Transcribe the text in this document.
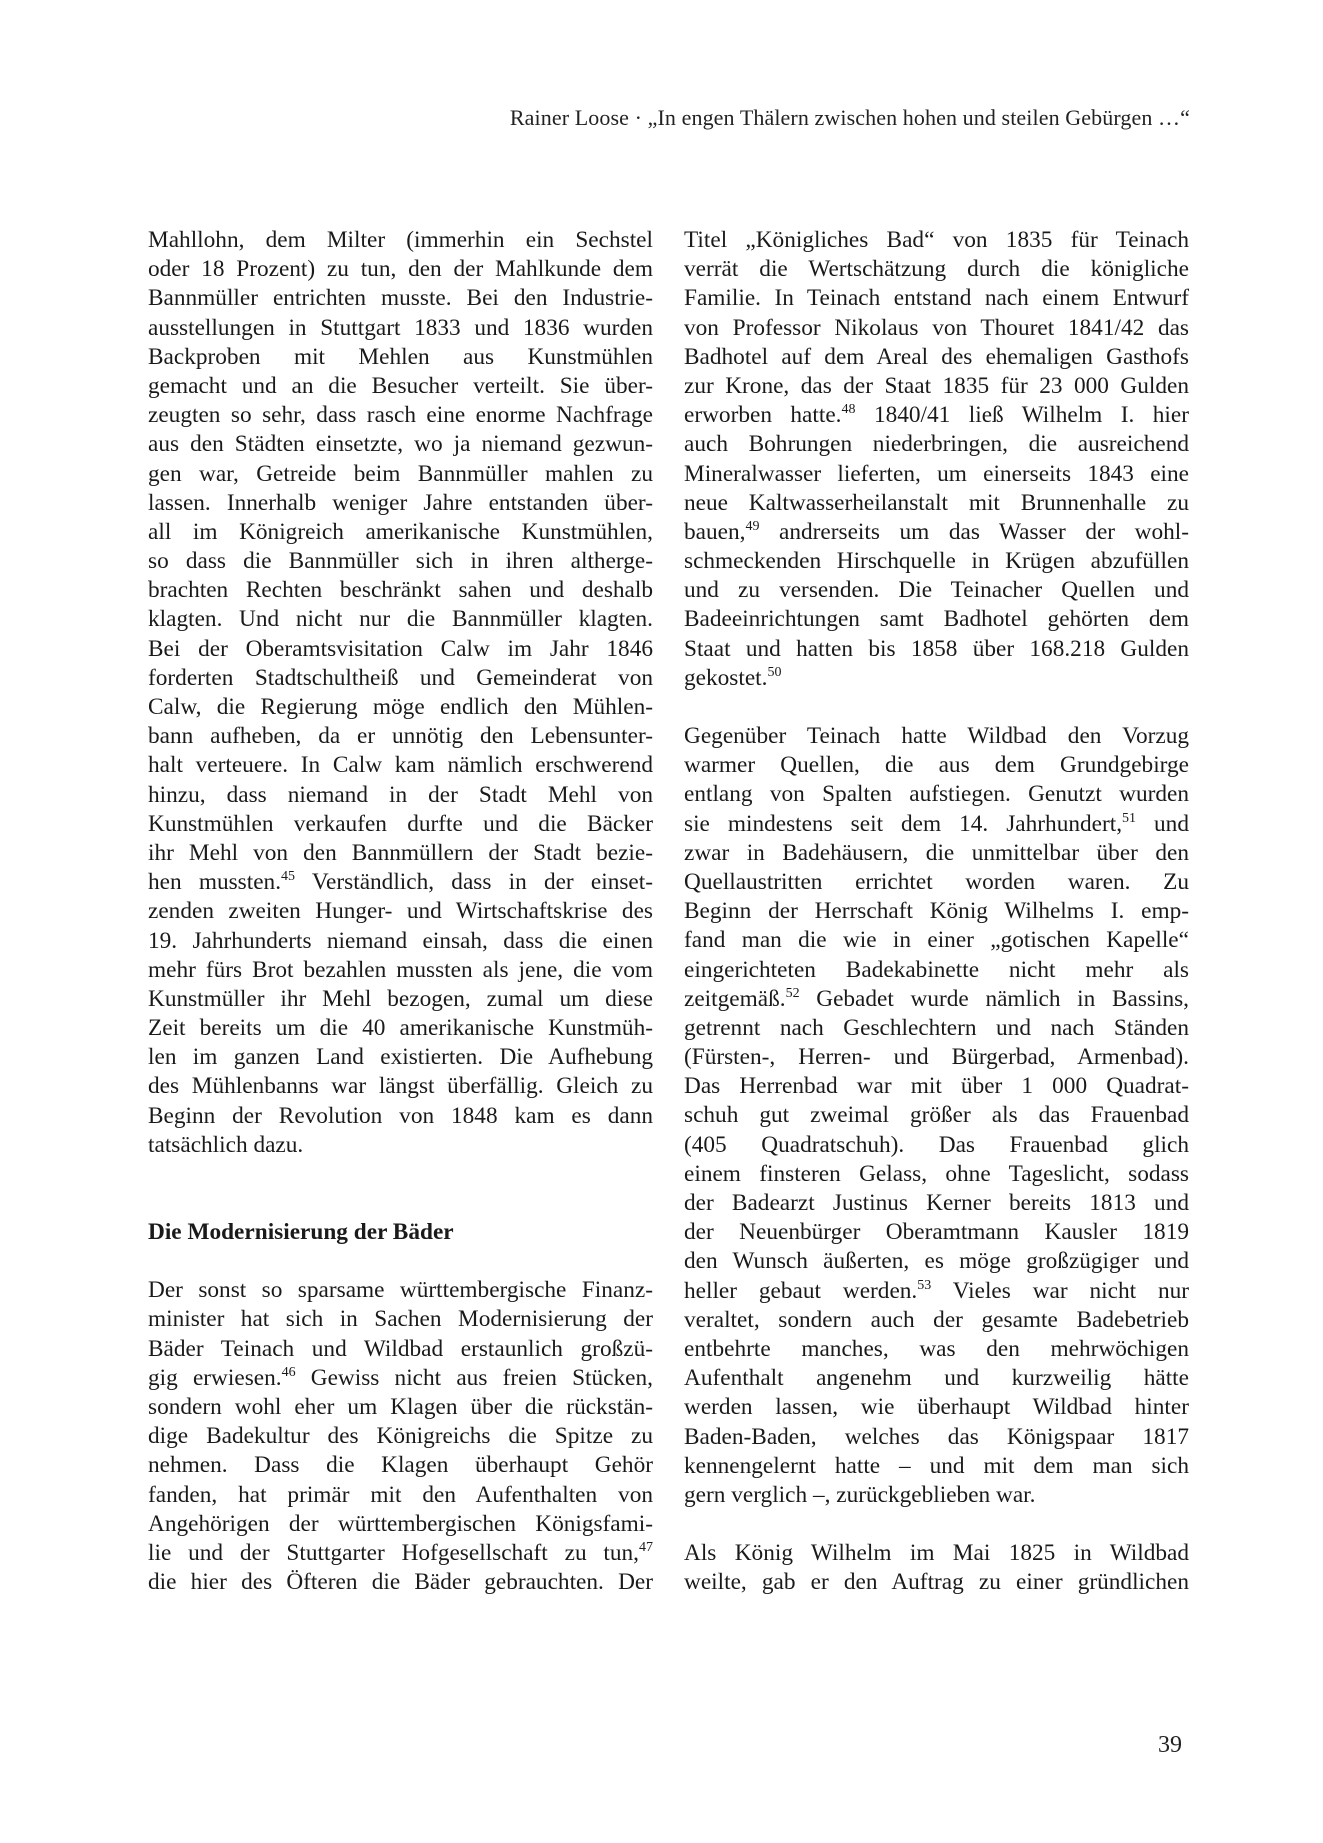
Rainer Loose · „In engen Thälern zwischen hohen und steilen Gebürgen …“
Mahllohn, dem Milter (immerhin ein Sechstel
oder 18 Prozent) zu tun, den der Mahlkunde dem
Bannmüller entrichten musste. Bei den Industrie-
ausstellungen in Stuttgart 1833 und 1836 wurden
Backproben mit Mehlen aus Kunstmühlen
gemacht und an die Besucher verteilt. Sie über-
zeugten so sehr, dass rasch eine enorme Nachfrage
aus den Städten einsetzte, wo ja niemand gezwun-
gen war, Getreide beim Bannmüller mahlen zu
lassen. Innerhalb weniger Jahre entstanden über-
all im Königreich amerikanische Kunstmühlen,
so dass die Bannmüller sich in ihren althergе-
brachten Rechten beschränkt sahen und deshalb
klagten. Und nicht nur die Bannmüller klagten.
Bei der Oberamtsvisitation Calw im Jahr 1846
forderten Stadtschultheiß und Gemeinderat von
Calw, die Regierung möge endlich den Mühlen-
bann aufheben, da er unnötig den Lebensunter-
halt verteuere. In Calw kam nämlich erschwerend
hinzu, dass niemand in der Stadt Mehl von
Kunstmühlen verkaufen durfte und die Bäcker
ihr Mehl von den Bannmüllern der Stadt bezie-
hen mussten.$^{45}$ Verständlich, dass in der einset-
zenden zweiten Hunger- und Wirtschaftskrise des
19. Jahrhunderts niemand einsah, dass die einen
mehr fürs Brot bezahlen mussten als jene, die vom
Kunstmüller ihr Mehl bezogen, zumal um diese
Zeit bereits um die 40 amerikanische Kunstmüh-
len im ganzen Land existierten. Die Aufhebung
des Mühlenbanns war längst überfällig. Gleich zu
Beginn der Revolution von 1848 kam es dann
tatsächlich dazu.
Die Modernisierung der Bäder
Der sonst so sparsame württembergische Finanz-
minister hat sich in Sachen Modernisierung der
Bäder Teinach und Wildbad erstaunlich großzü-
gig erwiesen.$^{46}$ Gewiss nicht aus freien Stücken,
sondern wohl eher um Klagen über die rückstän-
dige Badekultur des Königreichs die Spitze zu
nehmen. Dass die Klagen überhaupt Gehör
fanden, hat primär mit den Aufenthalten von
Angehörigen der württembergischen Königsfami-
lie und der Stuttgarter Hofgesellschaft zu tun,$^{47}$
die hier des Öfteren die Bäder gebrauchten. Der
Titel „Königliches Bad“ von 1835 für Teinach
verrät die Wertschätzung durch die königliche
Familie. In Teinach entstand nach einem Entwurf
von Professor Nikolaus von Thouret 1841/42 das
Badhotel auf dem Areal des ehemaligen Gasthofs
zur Krone, das der Staat 1835 für 23 000 Gulden
erworben hatte.$^{48}$ 1840/41 ließ Wilhelm I. hier
auch Bohrungen niederbringen, die ausreichend
Mineralwasser lieferten, um einerseits 1843 eine
neue Kaltwasserheilanstalt mit Brunnenhalle zu
bauen,$^{49}$ andrerseits um das Wasser der wohl-
schmeckenden Hirschquelle in Krügen abzufüllen
und zu versenden. Die Teinacher Quellen und
Badeeinrichtungen samt Badhotel gehörten dem
Staat und hatten bis 1858 über 168.218 Gulden
gekostet.$^{50}$
Gegenüber Teinach hatte Wildbad den Vorzug
warmer Quellen, die aus dem Grundgebirge
entlang von Spalten aufstiegen. Genutzt wurden
sie mindestens seit dem 14. Jahrhundert,$^{51}$ und
zwar in Badehäusern, die unmittelbar über den
Quellaustritten errichtet worden waren. Zu
Beginn der Herrschaft König Wilhelms I. emp-
fand man die wie in einer „gotischen Kapelle“
eingerichteten Badekabinette nicht mehr als
zeitgemäß.$^{52}$ Gebadet wurde nämlich in Bassins,
getrennt nach Geschlechtern und nach Ständen
(Fürsten-, Herren- und Bürgerbad, Armenbad).
Das Herrenbad war mit über 1 000 Quadrat-
schuh gut zweimal größer als das Frauenbad
(405 Quadratschuh). Das Frauenbad glich
einem finsteren Gelass, ohne Tageslicht, sodass
der Badearzt Justinus Kerner bereits 1813 und
der Neuenbürger Oberamtmann Kausler 1819
den Wunsch äußerten, es möge großzügiger und
heller gebaut werden.$^{53}$ Vieles war nicht nur
veraltet, sondern auch der gesamte Badebetrieb
entbehrte manches, was den mehrwöchigen
Aufenthalt angenehm und kurzweilig hätte
werden lassen, wie überhaupt Wildbad hinter
Baden-Baden, welches das Königspaar 1817
kennengelernt hatte – und mit dem man sich
gern verglich –, zurückgeblieben war.
Als König Wilhelm im Mai 1825 in Wildbad
weilte, gab er den Auftrag zu einer gründlichen
39
